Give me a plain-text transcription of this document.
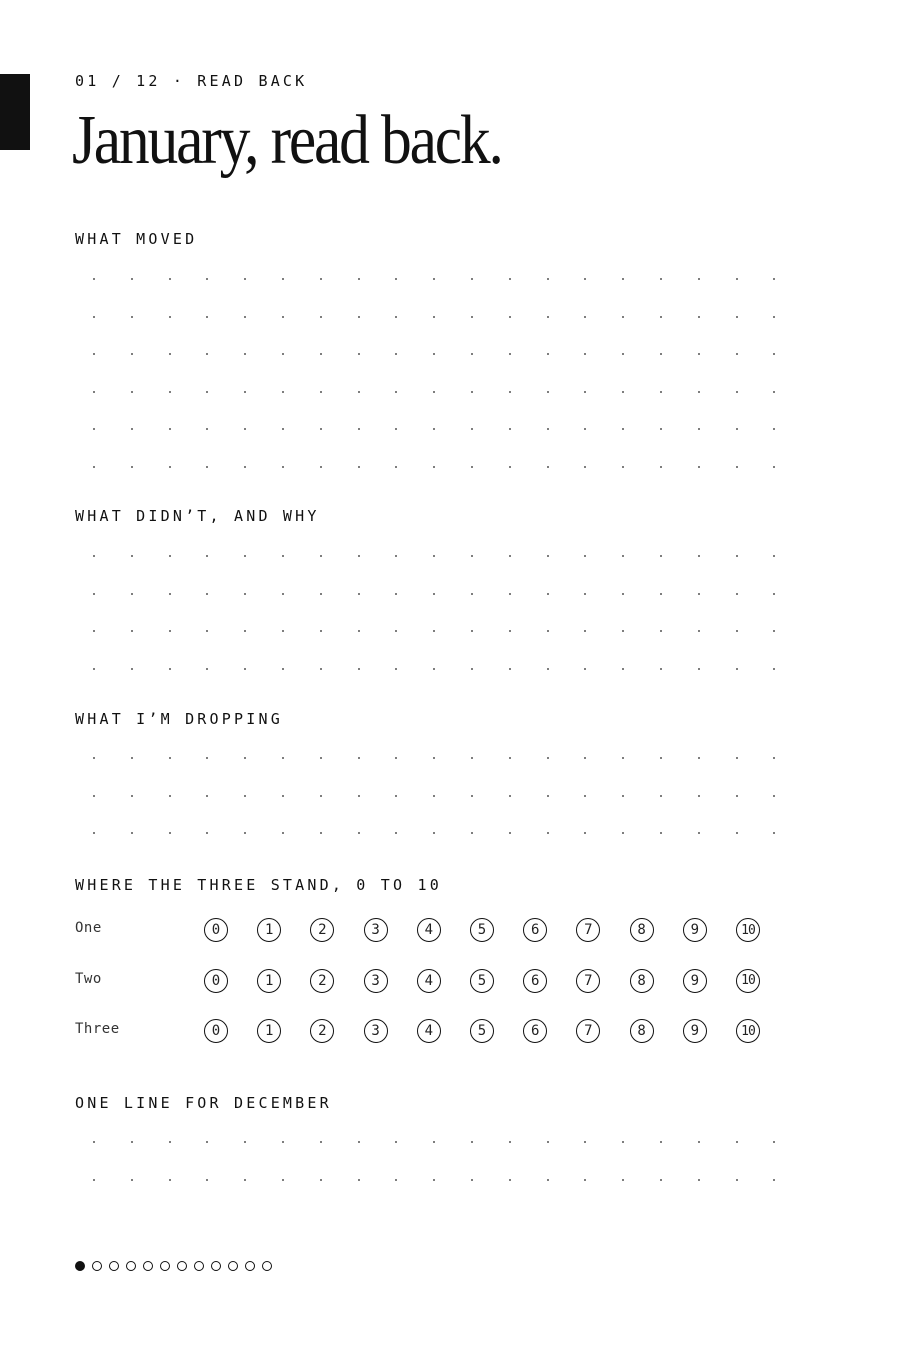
01 / 12 · READ BACK
January, read back.
WHAT MOVED
WHAT DIDN’T, AND WHY
WHAT I’M DROPPING
WHERE THE THREE STAND, 0 TO 10
One	0	1	2	3	4	5	6	7	8	9	10
Two	0	1	2	3	4	5	6	7	8	9	10
Three	0	1	2	3	4	5	6	7	8	9	10
ONE LINE FOR DECEMBER
